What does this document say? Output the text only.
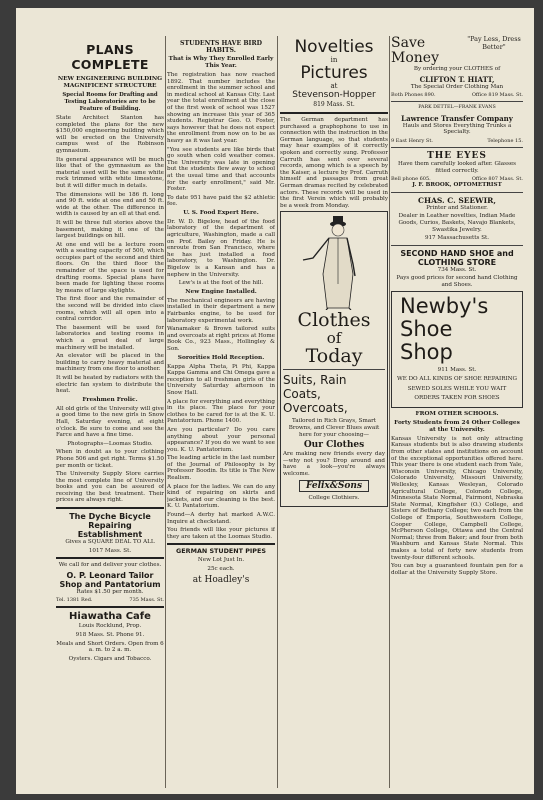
PLANS COMPLETE
NEW ENGINEERING BUILDING MAGNIFICENT STRUCTURE
Special Rooms for Drafting and Testing Laboratories are to be Feature of Building.

State Architect Stanton has completed the plans for the new $150,000 engineering building which will be erected on the University campus west of the Robinson gymnasium.

Its general appearance will be much like that of the gymnasium as the material used will be the same white rock trimmed with white limestone, but it will differ much in details.

The dimensions will be 186 ft. long and 90 ft. wide at one end and 50 ft. wide at the other. The difference in width is caused by an ell at that end.

It will be three full stories above the basement, making it one of the largest buildings on hill.

At one end will be a lecture room with a seating capacity of 500, which occupies part of the second and third floors. On the third floor the remainder of the space is used for drafting rooms. Special plans have been made for lighting these rooms by means of large skylights.

The first floor and the remainder of the second will be divided into class rooms, which will all open into a central corridor.

The basement will be used for laboratories and testing rooms in which a great deal of large machinery will be installed.

An elevator will be placed in the building to carry heavy material and machinery from one floor to another.

It will be heated by radiators with the electric fan system to distribute the heat.

Freshmen Frolic.

All old girls of the University will give a good time to the new girls in Snow Hall, Saturday evening, at eight o'clock. Be sure to come and see the Farce and have a fine time.

Photographs—Loomas Studio.

When in doubt as to your clothing Phone 506 and get right. Terms $1.50 per month or ticket.

The University Supply Store carries the most complete line of University books and you can be assured of receiving the best treatment. Their prices are always right.

The Dyche Bicycle Repairing Establishment
Gives a SQUARE DEAL TO ALL
1017 Mass. St.
We call for and deliver your clothes.
O. P. Leonard Tailor Shop and Pantatorium
Rates $1.50 per month.
Tel. 1381 Red.	735 Mass. St.
Hiawatha Cafe
Louis Rocklund, Prop.
918 Mass. St. Phone 91.
Meals and Short Orders. Open from 6 a. m. to 2 a. m.
Oysters. Cigars and Tobacco.
STUDENTS HAVE BIRD HABITS.
That is Why They Enrolled Early This Year.

The registration has now reached 1892. That number includes the enrollment in the summer school and in medical school at Kansas City. Last year the total enrollment at the close of the first week of school was 1527 showing an increase this year of 365 students. Registrar Geo. O. Foster, says however that he does not expect the enrollment from now on to be as heavy as it was last year.

"You see students are like birds that go south when cold weather comes. The University was late in opening but the students flew away to school at the usual time and that accounts for the early enrollment," said Mr. Foster.

To date 951 have paid the $2 athletic fee.

U. S. Food Expert Here.

Dr. W. D. Bigelow, head of the food laboratory of the department of agriculture, Washington, made a call on Prof. Bailey on Friday. He is enroute from San Francisco, where he has just installed a food laboratory, to Washington. Dr. Bigelow is a Kansan and has a nephew in the University.

Lew's is at the foot of the hill.

New Engine Installed.

The mechanical engineers are having installed in their department a new Fairbanks engine, to be used for laboratory experimental work.

Wanamaker & Brown tailored suits and overcoats at right prices at Home Book Co., 923 Mass., Hollingley & Son.

Sororities Hold Reception.

Kappa Alpha Theta, Pi Phi, Kappa Kappa Gamma and Chi Omega gave a reception to all freshman girls of the University Saturday afternoon in Snow Hall.

A place for everything and everything in its place. The place for your clothes to be cared for is at the K. U. Pantatorium. Phone 1400.

Are you particular? Do you care anything about your personal appearance? If you do we want to see you. K. U. Pantatorium.

The leading article in the last number of the Journal of Philosophy is by Professor Boodin. Its title is The New Realism.

A place for the ladies. We can do any kind of repairing on skirts and jackets, and our cleaning is the best. K. U. Pantatorium.

Found—A derby hat marked A.W.C. Inquire at checkstand.

You friends will like your pictures if they are taken at the Loomas Studio.

GERMAN STUDENT PIPES
New Lot Just In.
25c each.
at Hoadley's
Novelties
in
Pictures
at
Stevenson-Hopper
819 Mass. St.

The German department has purchased a graphophone to use in connection with the instruction in the German language, so that students may hear examples of it correctly spoken and correctly sung. Professor Carruth has sent over several records, among which is a speech by the Kaiser, a lecture by Prof. Carruth himself and passages from great German dramas recited by celebrated actors. These records will be used in the first Verein which will probably be a week from Monday.

Clothes
of
Today
Suits, Rain Coats, Overcoats,
Tailored in Rich Grays, Smart Browns, and Clever Blues await here for your choosing—
Our Clothes
Are making new friends every day—why not you? Drop around and have a look—you're always welcome.
Felix&Sons
College Clothiers.
Save
Money
"Pay Less, Dress Better"
By ordering your CLOTHES of
CLIFTON T. HIATT,
The Special Order Clothing Man
Both Phones 890.	Office 819 Mass. St.
PARK DETTEL—FRANK EVANS
Lawrence Transfer Company
Hauls and Stores Everything Trunks a Specialty.
9 East Henry St.	Telephone 15.
THE EYES
Have them carefully looked after. Glasses fitted correctly.
Bell phone 605.	Office 807 Mass. St.
J. F. BROOK, OPTOMETRIST
CHAS. C. SEEWIR,
Printer and Stationer.
Dealer in Leather novelties, Indian Made Goods, Curios, Baskets, Navajo Blankets, Swastika Jewelry.
917 Massachusetts St.
SECOND HAND SHOE and CLOTHING STORE
734 Mass. St.
Pays good prices for second hand Clothing and Shoes.
Newby's
Shoe
Shop
911 Mass. St.
WE DO ALL KINDS OF SHOE REPAIRING
SEWED SOLES WHILE YOU WAIT
ORDERS TAKEN FOR SHOES
FROM OTHER SCHOOLS.
Forty Students from 24 Other Colleges at the University.

Kansas University is not only attracting Kansas students but is also drawing students from other states and institutions on account of the exceptional opportunities offered here. This year there is one student each from Yale, Wisconsin University, Chicago University, Colorado University, Missouri University, Wellesley, Kansas Wesleyan, Colorado Agricultural College, Colorado College, Minnesota State Normal, Fairmont, Nebraska State Normal, Kingfisher (O.) College, and Sisters of Bethany College; two each from the College of Emporia, Southwestern College, Cooper College, Campbell College, McPherson College, Ottawa and the Central Normal; three from Baker; and four from both Washburn and Kansas State Normal. This makes a total of forty new students from twenty-four different schools.

You can buy a guaranteed fountain pen for a dollar at the University Supply Store.
